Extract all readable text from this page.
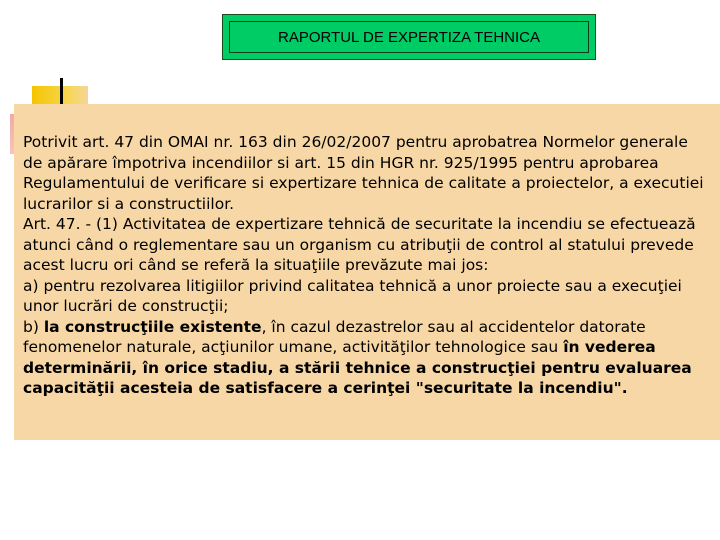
RAPORTUL DE EXPERTIZA TEHNICA

Potrivit art. 47 din OMAI nr. 163 din 26/02/2007 pentru aprobatrea Normelor generale de apărare împotriva incendiilor si art. 15 din HGR nr. 925/1995 pentru aprobarea Regulamentului de verificare si expertizare tehnica de calitate a proiectelor, a executiei lucrarilor si a constructiilor.

Art. 47. - (1) Activitatea de expertizare tehnică de securitate la incendiu se efectuează atunci când o reglementare sau un organism cu atribuţii de control al statului prevede acest lucru ori când se referă la situaţiile prevăzute mai jos:

a) pentru rezolvarea litigiilor privind calitatea tehnică a unor proiecte sau a execuţiei unor lucrări de construcţii;

b) la construcţiile existente, în cazul dezastrelor sau al accidentelor datorate fenomenelor naturale, acţiunilor umane, activităţilor tehnologice sau în vederea determinării, în orice stadiu, a stării tehnice a construcţiei pentru evaluarea capacităţii acesteia de satisfacere a cerinţei "securitate la incendiu".
